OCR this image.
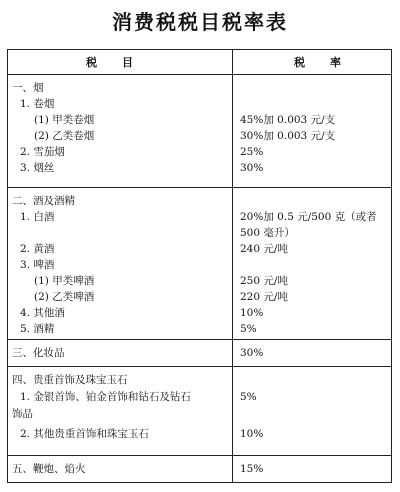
消费税税目税率表
税　　目	税　　率
一、烟
1. 卷烟
(1) 甲类卷烟	45%加 0.003 元/支
(2) 乙类卷烟	30%加 0.003 元/支
2. 雪茄烟	25%
3. 烟丝	30%
二、酒及酒精
1. 白酒	20%加 0.5 元/500 克（或者
500 毫升）
2. 黄酒	240 元/吨
3. 啤酒
(1) 甲类啤酒	250 元/吨
(2) 乙类啤酒	220 元/吨
4. 其他酒	10%
5. 酒精	5%
三、化妆品	30%
四、贵重首饰及珠宝玉石
1. 金银首饰、铂金首饰和钻石及钻石	5%
饰品
2. 其他贵重首饰和珠宝玉石	10%
五、鞭炮、焰火	15%
